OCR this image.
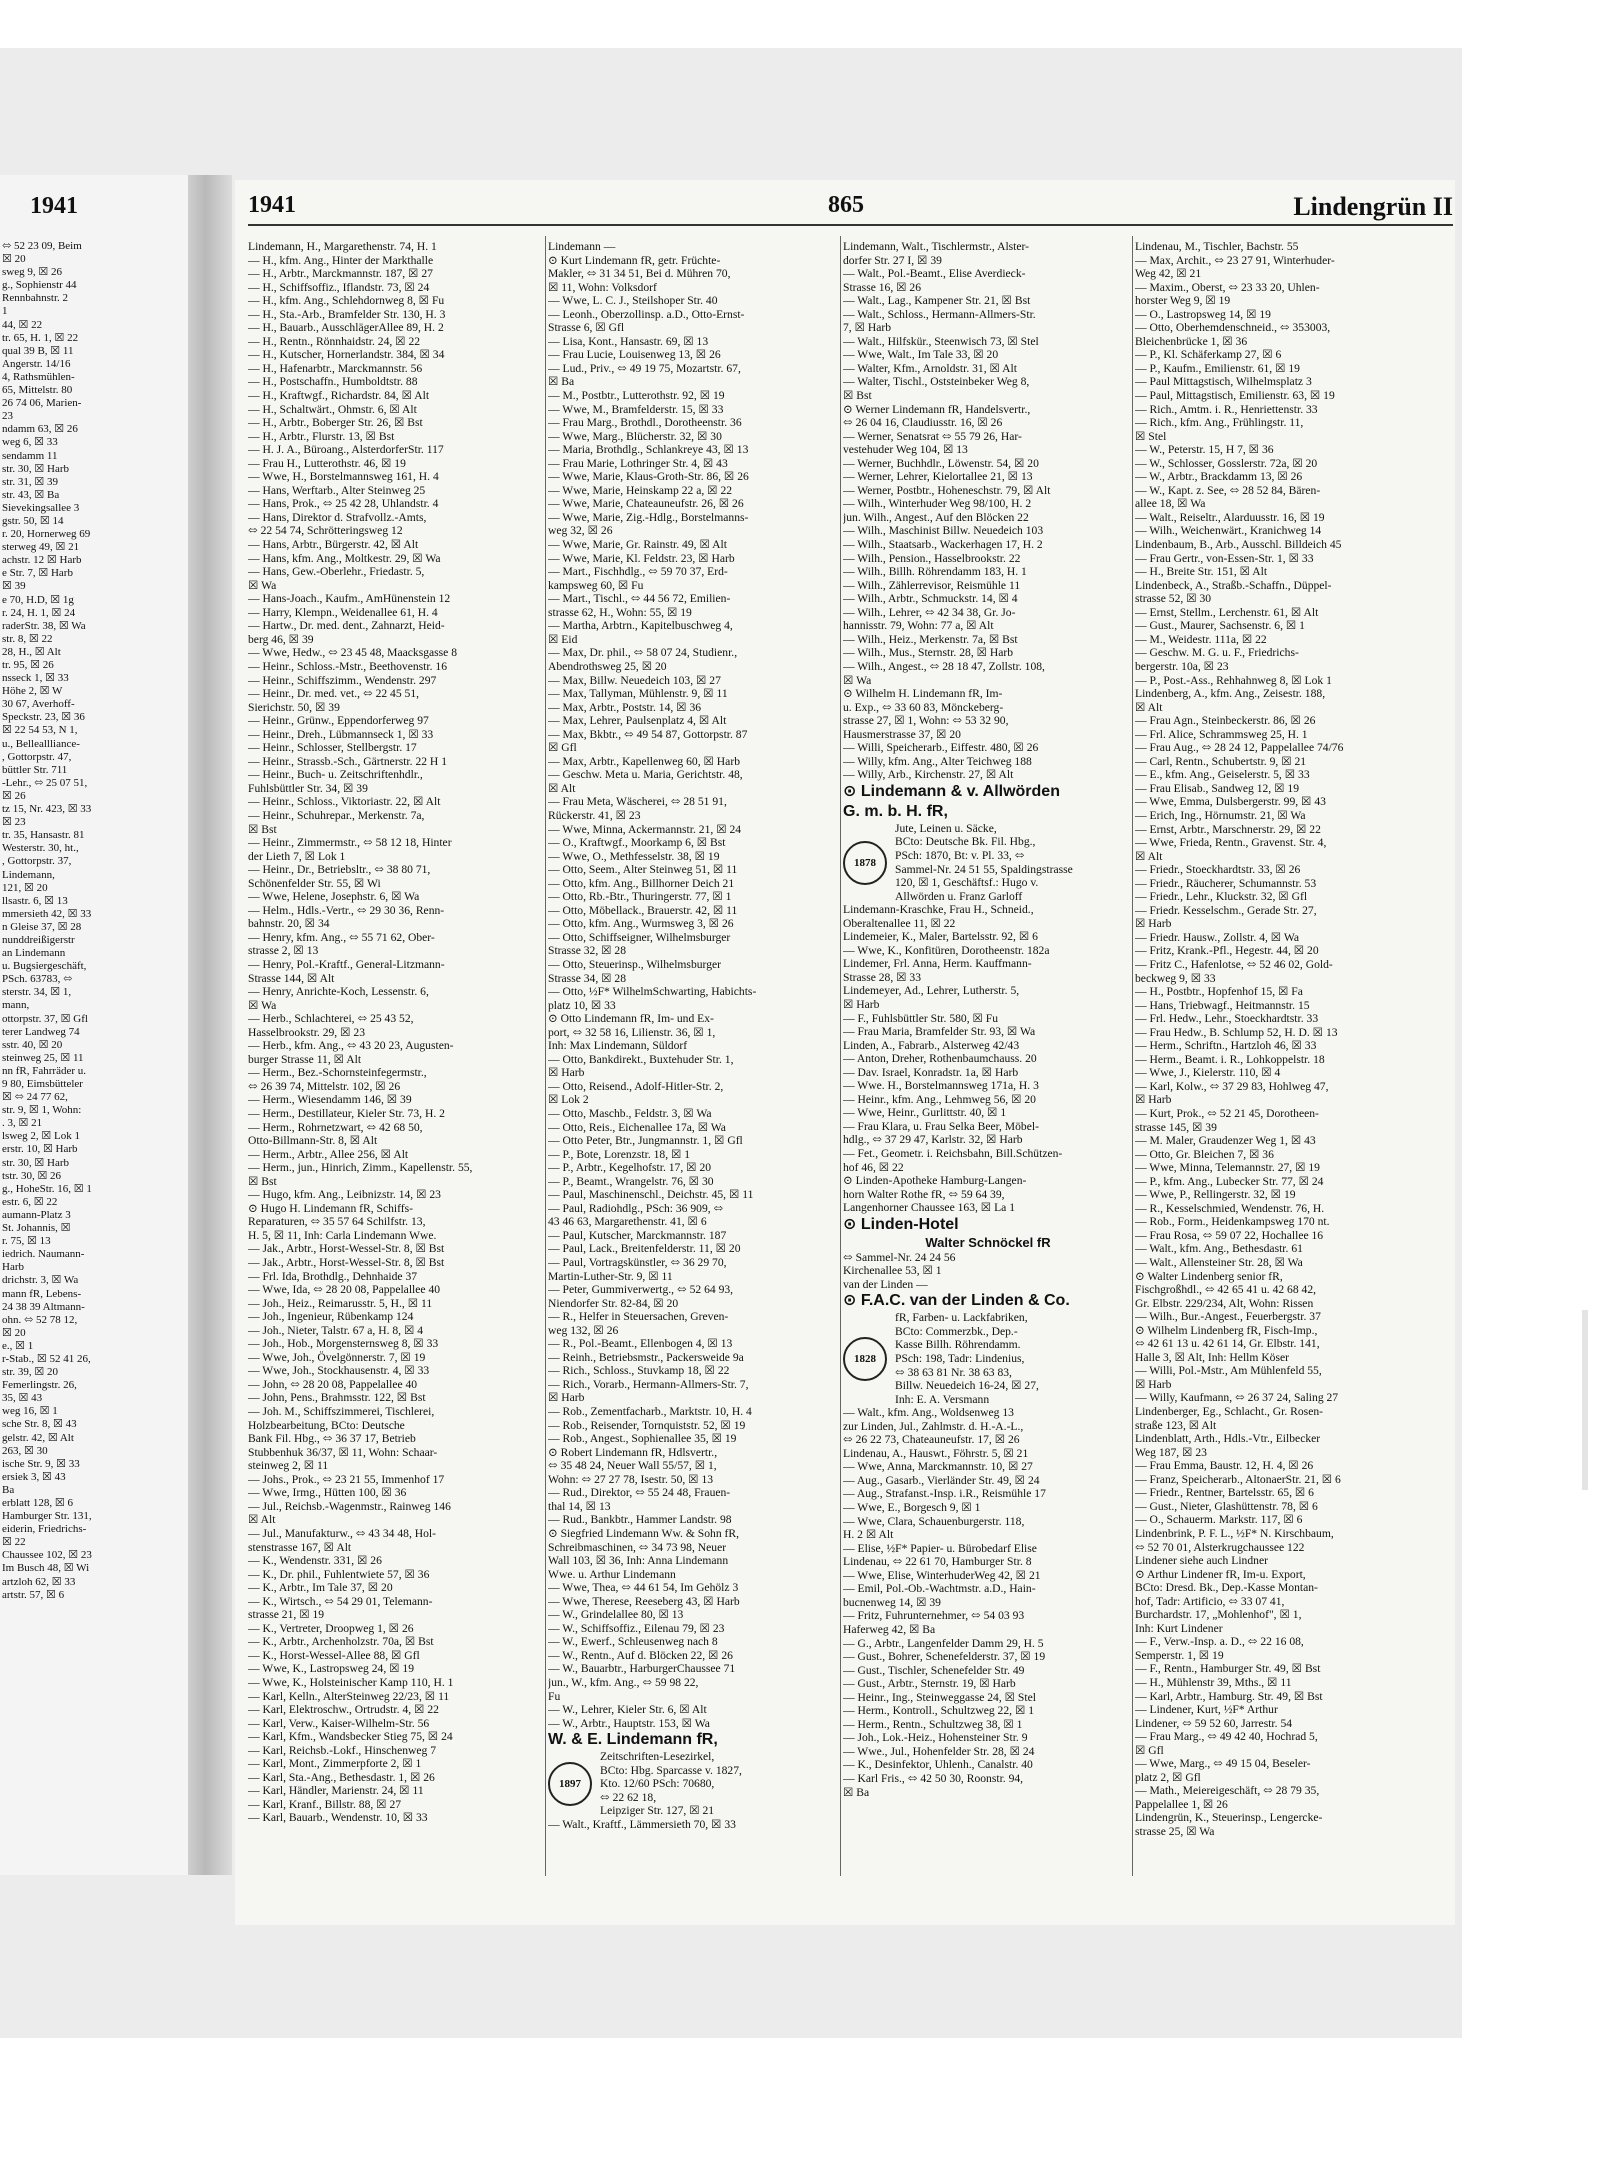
1941	1941	865	Lindengrün II
⬄ 52 23 09, Beim
☒ 20
sweg 9, ☒ 26
g., Sophienstr 44
Rennbahnstr. 2
1
44, ☒ 22
tr. 65, H. 1, ☒ 22
qual 39 B, ☒ 11
Angerstr. 14/16
4, Rathsmühlen-
65, Mittelstr. 80
26 74 06, Marien-
23
ndamm 63, ☒ 26
weg 6, ☒ 33
sendamm 11
str. 30, ☒ Harb
str. 31, ☒ 39
str. 43, ☒ Ba
Sievekingsallee 3
gstr. 50, ☒ 14
r. 20, Hornerweg 69
sterweg 49, ☒ 21
achstr. 12 ☒ Harb
e Str. 7, ☒ Harb
☒ 39
e 70, H.D, ☒ 1g
r. 24, H. 1, ☒ 24
raderStr. 38, ☒ Wa
str. 8, ☒ 22
28, H., ☒ Alt
tr. 95, ☒ 26
nsseck 1, ☒ 33
Höhe 2, ☒ W
30 67, Averhoff-
Speckstr. 23, ☒ 36
☒ 22 54 53, N 1,
u., Belleallliance-
, Gottorpstr. 47,
büttler Str. 711
-Lehr., ⬄ 25 07 51,
☒ 26
tz 15, Nr. 423, ☒ 33
☒ 23
tr. 35, Hansastr. 81
Westerstr. 30, ht.,
, Gottorpstr. 37,
Lindemann,
121, ☒ 20
llsastr. 6, ☒ 13
mmersieth 42, ☒ 33
n Gleise 37, ☒ 28
nunddreißigerstr
an Lindemann
u. Bugsiergeschäft,
PSch. 63783, ⬄
sterstr. 34, ☒ 1,
mann,
ottorpstr. 37, ☒ Gfl
terer Landweg 74
sstr. 40, ☒ 20
steinweg 25, ☒ 11
nn fR, Fahrräder u.
9 80, Eimsbütteler
☒ ⬄ 24 77 62,
str. 9, ☒ 1, Wohn:
. 3, ☒ 21
lsweg 2, ☒ Lok 1
erstr. 10, ☒ Harb
str. 30, ☒ Harb
tstr. 30, ☒ 26
g., HoheStr. 16, ☒ 1
estr. 6, ☒ 22
aumann-Platz 3
St. Johannis, ☒
r. 75, ☒ 13
iedrich. Naumann-
Harb
drichstr. 3, ☒ Wa
mann fR, Lebens-
24 38 39 Altmann-
ohn. ⬄ 52 78 12,
☒ 20
e., ☒ 1
r-Stab., ☒ 52 41 26,
str. 39, ☒ 20
Femerlingstr. 26,
35, ☒ 43
weg 16, ☒ 1
sche Str. 8, ☒ 43
gelstr. 42, ☒ Alt
263, ☒ 30
ische Str. 9, ☒ 33
ersiek 3, ☒ 43
Ba
erblatt 128, ☒ 6
Hamburger Str. 131,
eiderin, Friedrichs-
☒ 22
Chaussee 102, ☒ 23
Im Busch 48, ☒ Wi
artzloh 62, ☒ 33
artstr. 57, ☒ 6
Lindemann, H., Margarethenstr. 74, H. 1
— H., kfm. Ang., Hinter der Markthalle
— H., Arbtr., Marckmannstr. 187, ☒ 27
— H., Schiffsoffiz., Iflandstr. 73, ☒ 24
— H., kfm. Ang., Schlehdornweg 8, ☒ Fu
— H., Sta.-Arb., Bramfelder Str. 130, H. 3
— H., Bauarb., AusschlägerAllee 89, H. 2
— H., Rentn., Rönnhaidstr. 24, ☒ 22
— H., Kutscher, Hornerlandstr. 384, ☒ 34
— H., Hafenarbtr., Marckmannstr. 56
— H., Postschaffn., Humboldtstr. 88
— H., Kraftwgf., Richardstr. 84, ☒ Alt
— H., Schaltwärt., Ohmstr. 6, ☒ Alt
— H., Arbtr., Boberger Str. 26, ☒ Bst
— H., Arbtr., Flurstr. 13, ☒ Bst
— H. J. A., Büroang., AlsterdorferStr. 117
— Frau H., Lutterothstr. 46, ☒ 19
— Wwe, H., Borstelmannsweg 161, H. 4
— Hans, Werftarb., Alter Steinweg 25
— Hans, Prok., ⬄ 25 42 28, Uhlandstr. 4
— Hans, Direktor d. Strafvollz.-Amts,
⬄ 22 54 74, Schrötteringsweg 12
— Hans, Arbtr., Bürgerstr. 42, ☒ Alt
— Hans, kfm. Ang., Moltkestr. 29, ☒ Wa
— Hans, Gew.-Oberlehr., Friedastr. 5,
☒ Wa
— Hans-Joach., Kaufm., AmHünenstein 12
— Harry, Klempn., Weidenallee 61, H. 4
— Hartw., Dr. med. dent., Zahnarzt, Heid-
berg 46, ☒ 39
— Wwe, Hedw., ⬄ 23 45 48, Maacksgasse 8
— Heinr., Schloss.-Mstr., Beethovenstr. 16
— Heinr., Schiffszimm., Wendenstr. 297
— Heinr., Dr. med. vet., ⬄ 22 45 51,
Sierichstr. 50, ☒ 39
— Heinr., Grünw., Eppendorferweg 97
— Heinr., Dreh., Lübmannseck 1, ☒ 33
— Heinr., Schlosser, Stellbergstr. 17
— Heinr., Strassb.-Sch., Gärtnerstr. 22 H 1
— Heinr., Buch- u. Zeitschriftenhdlr.,
Fuhlsbüttler Str. 34, ☒ 39
— Heinr., Schloss., Viktoriastr. 22, ☒ Alt
— Heinr., Schuhrepar., Merkenstr. 7a,
☒ Bst
— Heinr., Zimmermstr., ⬄ 58 12 18, Hinter
der Lieth 7, ☒ Lok 1
— Heinr., Dr., Betriebsltr., ⬄ 38 80 71,
Schönenfelder Str. 55, ☒ Wi
— Wwe, Helene, Josephstr. 6, ☒ Wa
— Helm., Hdls.-Vertr., ⬄ 29 30 36, Renn-
bahnstr. 20, ☒ 34
— Henry, kfm. Ang., ⬄ 55 71 62, Ober-
strasse 2, ☒ 13
— Henry, Pol.-Kraftf., General-Litzmann-
Strasse 144, ☒ Alt
— Henry, Anrichte-Koch, Lessenstr. 6,
☒ Wa
— Herb., Schlachterei, ⬄ 25 43 52,
Hasselbrookstr. 29, ☒ 23
— Herb., kfm. Ang., ⬄ 43 20 23, Augusten-
burger Strasse 11, ☒ Alt
— Herm., Bez.-Schornsteinfegermstr.,
⬄ 26 39 74, Mittelstr. 102, ☒ 26
— Herm., Wiesendamm 146, ☒ 39
— Herm., Destillateur, Kieler Str. 73, H. 2
— Herm., Rohrnetzwart, ⬄ 42 68 50,
Otto-Billmann-Str. 8, ☒ Alt
— Herm., Arbtr., Allee 256, ☒ Alt
— Herm., jun., Hinrich, Zimm., Kapellenstr. 55,
☒ Bst
— Hugo, kfm. Ang., Leibnizstr. 14, ☒ 23
⊙ Hugo H. Lindemann fR, Schiffs-
Reparaturen, ⬄ 35 57 64 Schilfstr. 13,
H. 5, ☒ 11, Inh: Carla Lindemann Wwe.
— Jak., Arbtr., Horst-Wessel-Str. 8, ☒ Bst
— Jak., Arbtr., Horst-Wessel-Str. 8, ☒ Bst
— Frl. Ida, Brothdlg., Dehnhaide 37
— Wwe, Ida, ⬄ 28 20 08, Pappelallee 40
— Joh., Heiz., Reimarusstr. 5, H., ☒ 11
— Joh., Ingenieur, Rübenkamp 124
— Joh., Nieter, Talstr. 67 a, H. 8, ☒ 4
— Joh., Hob., Morgensternsweg 8, ☒ 33
— Wwe, Joh., Övelgönnerstr. 7, ☒ 19
— Wwe, Joh., Stockhausenstr. 4, ☒ 33
— John, ⬄ 28 20 08, Pappelallee 40
— John, Pens., Brahmsstr. 122, ☒ Bst
— Joh. M., Schiffszimmerei, Tischlerei,
Holzbearbeitung, BCto: Deutsche
Bank Fil. Hbg., ⬄ 36 37 17, Betrieb
Stubbenhuk 36/37, ☒ 11, Wohn: Schaar-
steinweg 2, ☒ 11
— Johs., Prok., ⬄ 23 21 55, Immenhof 17
— Wwe, Irmg., Hütten 100, ☒ 36
— Jul., Reichsb.-Wagenmstr., Rainweg 146
☒ Alt
— Jul., Manufakturw., ⬄ 43 34 48, Hol-
stenstrasse 167, ☒ Alt
— K., Wendenstr. 331, ☒ 26
— K., Dr. phil., Fuhlentwiete 57, ☒ 36
— K., Arbtr., Im Tale 37, ☒ 20
— K., Wirtsch., ⬄ 54 29 01, Telemann-
strasse 21, ☒ 19
— K., Vertreter, Droopweg 1, ☒ 26
— K., Arbtr., Archenholzstr. 70a, ☒ Bst
— K., Horst-Wessel-Allee 88, ☒ Gfl
— Wwe, K., Lastropsweg 24, ☒ 19
— Wwe, K., Holsteinischer Kamp 110, H. 1
— Karl, Kelln., AlterSteinweg 22/23, ☒ 11
— Karl, Elektroschw., Ortrudstr. 4, ☒ 22
— Karl, Verw., Kaiser-Wilhelm-Str. 56
— Karl, Kfm., Wandsbecker Stieg 75, ☒ 24
— Karl, Reichsb.-Lokf., Hinschenweg 7
— Karl, Mont., Zimmerpforte 2, ☒ 1
— Karl, Sta.-Ang., Bethesdastr. 1, ☒ 26
— Karl, Händler, Marienstr. 24, ☒ 11
— Karl, Kranf., Billstr. 88, ☒ 27
— Karl, Bauarb., Wendenstr. 10, ☒ 33
Lindemann —
⊙ Kurt Lindemann fR, getr. Früchte-
Makler, ⬄ 31 34 51, Bei d. Mühren 70,
☒ 11, Wohn: Volksdorf
— Wwe, L. C. J., Steilshoper Str. 40
— Leonh., Oberzollinsp. a.D., Otto-Ernst-
Strasse 6, ☒ Gfl
— Lisa, Kont., Hansastr. 69, ☒ 13
— Frau Lucie, Louisenweg 13, ☒ 26
— Lud., Priv., ⬄ 49 19 75, Mozartstr. 67,
☒ Ba
— M., Postbtr., Lutterothstr. 92, ☒ 19
— Wwe, M., Bramfelderstr. 15, ☒ 33
— Frau Marg., Brothdl., Dorotheenstr. 36
— Wwe, Marg., Blücherstr. 32, ☒ 30
— Maria, Brothdlg., Schlankreye 43, ☒ 13
— Frau Marie, Lothringer Str. 4, ☒ 43
— Wwe, Marie, Klaus-Groth-Str. 86, ☒ 26
— Wwe, Marie, Heinskamp 22 a, ☒ 22
— Wwe, Marie, Chateauneufstr. 26, ☒ 26
— Wwe, Marie, Zig.-Hdlg., Borstelmanns-
weg 32, ☒ 26
— Wwe, Marie, Gr. Rainstr. 49, ☒ Alt
— Wwe, Marie, Kl. Feldstr. 23, ☒ Harb
— Mart., Fischhdlg., ⬄ 59 70 37, Erd-
kampsweg 60, ☒ Fu
— Mart., Tischl., ⬄ 44 56 72, Emilien-
strasse 62, H., Wohn: 55, ☒ 19
— Martha, Arbtrn., Kapitelbuschweg 4,
☒ Eid
— Max, Dr. phil., ⬄ 58 07 24, Studienr.,
Abendrothsweg 25, ☒ 20
— Max, Billw. Neuedeich 103, ☒ 27
— Max, Tallyman, Mühlenstr. 9, ☒ 11
— Max, Arbtr., Poststr. 14, ☒ 36
— Max, Lehrer, Paulsenplatz 4, ☒ Alt
— Max, Bkbtr., ⬄ 49 54 87, Gottorpstr. 87
☒ Gfl
— Max, Arbtr., Kapellenweg 60, ☒ Harb
— Geschw. Meta u. Maria, Gerichtstr. 48,
☒ Alt
— Frau Meta, Wäscherei, ⬄ 28 51 91,
Rückerstr. 41, ☒ 23
— Wwe, Minna, Ackermannstr. 21, ☒ 24
— O., Kraftwgf., Moorkamp 6, ☒ Bst
— Wwe, O., Methfesselstr. 38, ☒ 19
— Otto, Seem., Alter Steinweg 51, ☒ 11
— Otto, kfm. Ang., Billhorner Deich 21
— Otto, Rb.-Btr., Thuringerstr. 77, ☒ 1
— Otto, Möbellack., Brauerstr. 42, ☒ 11
— Otto, kfm. Ang., Wurmsweg 3, ☒ 26
— Otto, Schiffseigner, Wilhelmsburger
Strasse 32, ☒ 28
— Otto, Steuerinsp., Wilhelmsburger
Strasse 34, ☒ 28
— Otto, ½F* WilhelmSchwarting, Habichts-
platz 10, ☒ 33
⊙ Otto Lindemann fR, Im- und Ex-
port, ⬄ 32 58 16, Lilienstr. 36, ☒ 1,
Inh: Max Lindemann, Süldorf
— Otto, Bankdirekt., Buxtehuder Str. 1,
☒ Harb
— Otto, Reisend., Adolf-Hitler-Str. 2,
☒ Lok 2
— Otto, Maschb., Feldstr. 3, ☒ Wa
— Otto, Reis., Eichenallee 17a, ☒ Wa
— Otto Peter, Btr., Jungmannstr. 1, ☒ Gfl
— P., Bote, Lorenzstr. 18, ☒ 1
— P., Arbtr., Kegelhofstr. 17, ☒ 20
— P., Beamt., Wrangelstr. 76, ☒ 30
— Paul, Maschinenschl., Deichstr. 45, ☒ 11
— Paul, Radiohdlg., PSch: 36 909, ⬄
43 46 63, Margarethenstr. 41, ☒ 6
— Paul, Kutscher, Marckmannstr. 187
— Paul, Lack., Breitenfelderstr. 11, ☒ 20
— Paul, Vortragskünstler, ⬄ 36 29 70,
Martin-Luther-Str. 9, ☒ 11
— Peter, Gummiverwertg., ⬄ 52 64 93,
Niendorfer Str. 82-84, ☒ 20
— R., Helfer in Steuersachen, Greven-
weg 132, ☒ 26
— R., Pol.-Beamt., Ellenbogen 4, ☒ 13
— Reinh., Betriebsmstr., Packersweide 9a
— Rich., Schloss., Stuvkamp 18, ☒ 22
— Rich., Vorarb., Hermann-Allmers-Str. 7,
☒ Harb
— Rob., Zementfacharb., Marktstr. 10, H. 4
— Rob., Reisender, Tornquiststr. 52, ☒ 19
— Rob., Angest., Sophienallee 35, ☒ 19
⊙ Robert Lindemann fR, Hdlsvertr.,
⬄ 35 48 24, Neuer Wall 55/57, ☒ 1,
Wohn: ⬄ 27 27 78, Isestr. 50, ☒ 13
— Rud., Direktor, ⬄ 55 24 48, Frauen-
thal 14, ☒ 13
— Rud., Bankbtr., Hammer Landstr. 98
⊙ Siegfried Lindemann Ww. & Sohn fR,
Schreibmaschinen, ⬄ 34 73 98, Neuer
Wall 103, ☒ 36, Inh: Anna Lindemann
Wwe. u. Arthur Lindemann
— Wwe, Thea, ⬄ 44 61 54, Im Gehölz 3
— Wwe, Therese, Reeseberg 43, ☒ Harb
— W., Grindelallee 80, ☒ 13
— W., Schiffsoffiz., Eilenau 79, ☒ 23
— W., Ewerf., Schleusenweg nach 8
— W., Rentn., Auf d. Blöcken 22, ☒ 26
— W., Bauarbtr., HarburgerChaussee 71
jun., W., kfm. Ang., ⬄ 59 98 22,
Fu
— W., Lehrer, Kieler Str. 6, ☒ Alt
— W., Arbtr., Hauptstr. 153, ☒ Wa
W. & E. Lindemann fR,
1897
Zeitschriften-Lesezirkel,
BCto: Hbg. Sparcasse v. 1827,
Kto. 12/60 PSch: 70680,
⬄ 22 62 18,
Leipziger Str. 127, ☒ 21
— Walt., Kraftf., Lämmersieth 70, ☒ 33
Lindemann, Walt., Tischlermstr., Alster-
dorfer Str. 27 I, ☒ 39
— Walt., Pol.-Beamt., Elise Averdieck-
Strasse 16, ☒ 26
— Walt., Lag., Kampener Str. 21, ☒ Bst
— Walt., Schloss., Hermann-Allmers-Str.
7, ☒ Harb
— Walt., Hilfskür., Steenwisch 73, ☒ Stel
— Wwe, Walt., Im Tale 33, ☒ 20
— Walter, Kfm., Arnoldstr. 31, ☒ Alt
— Walter, Tischl., Oststeinbeker Weg 8,
☒ Bst
⊙ Werner Lindemann fR, Handelsvertr.,
⬄ 26 04 16, Claudiusstr. 16, ☒ 26
— Werner, Senatsrat ⬄ 55 79 26, Har-
vestehuder Weg 104, ☒ 13
— Werner, Buchhdlr., Löwenstr. 54, ☒ 20
— Werner, Lehrer, Kielortallee 21, ☒ 13
— Werner, Postbtr., Hoheneschstr. 79, ☒ Alt
— Wilh., Winterhuder Weg 98/100, H. 2
jun. Wilh., Angest., Auf den Blöcken 22
— Wilh., Maschinist Billw. Neuedeich 103
— Wilh., Staatsarb., Wackerhagen 17, H. 2
— Wilh., Pension., Hasselbrookstr. 22
— Wilh., Billh. Röhrendamm 183, H. 1
— Wilh., Zählerrevisor, Reismühle 11
— Wilh., Arbtr., Schmuckstr. 14, ☒ 4
— Wilh., Lehrer, ⬄ 42 34 38, Gr. Jo-
hannisstr. 79, Wohn: 77 a, ☒ Alt
— Wilh., Heiz., Merkenstr. 7a, ☒ Bst
— Wilh., Mus., Sternstr. 28, ☒ Harb
— Wilh., Angest., ⬄ 28 18 47, Zollstr. 108,
☒ Wa
⊙ Wilhelm H. Lindemann fR, Im-
u. Exp., ⬄ 33 60 83, Mönckeberg-
strasse 27, ☒ 1, Wohn: ⬄ 53 32 90,
Hausmerstrasse 37, ☒ 20
— Willi, Speicherarb., Eiffestr. 480, ☒ 26
— Willy, kfm. Ang., Alter Teichweg 188
— Willy, Arb., Kirchenstr. 27, ☒ Alt
⊙ Lindemann & v. Allwörden
G. m. b. H. fR,
1878
Jute, Leinen u. Säcke,
BCto: Deutsche Bk. Fil. Hbg.,
PSch: 1870, Bt: v. Pl. 33, ⬄
Sammel-Nr. 24 51 55, Spaldingstrasse
120, ☒ 1, Geschäftsf.: Hugo v.
Allwörden u. Franz Garloff
Lindemann-Kraschke, Frau H., Schneid.,
Oberaltenallee 11, ☒ 22
Lindemeier, K., Maler, Bartelsstr. 92, ☒ 6
— Wwe, K., Konfitüren, Dorotheenstr. 182a
Lindemer, Frl. Anna, Herm. Kauffmann-
Strasse 28, ☒ 33
Lindemeyer, Ad., Lehrer, Lutherstr. 5,
☒ Harb
— F., Fuhlsbüttler Str. 580, ☒ Fu
— Frau Maria, Bramfelder Str. 93, ☒ Wa
Linden, A., Fabrarb., Alsterweg 42/43
— Anton, Dreher, Rothenbaumchauss. 20
— Dav. Israel, Konradstr. 1a, ☒ Harb
— Wwe. H., Borstelmannsweg 171a, H. 3
— Heinr., kfm. Ang., Lehmweg 56, ☒ 20
— Wwe, Heinr., Gurlittstr. 40, ☒ 1
— Frau Klara, u. Frau Selka Beer, Möbel-
hdlg., ⬄ 37 29 47, Karlstr. 32, ☒ Harb
— Fet., Geometr. i. Reichsbahn, Bill.Schützen-
hof 46, ☒ 22
⊙ Linden-Apotheke Hamburg-Langen-
horn Walter Rothe fR, ⬄ 59 64 39,
Langenhorner Chaussee 163, ☒ La 1
⊙ Linden-Hotel
Walter Schnöckel fR
⬄ Sammel-Nr. 24 24 56
Kirchenallee 53, ☒ 1
van der Linden —
⊙ F.A.C. van der Linden & Co.
1828
fR, Farben- u. Lackfabriken,
BCto: Commerzbk., Dep.-
Kasse Billh. Röhrendamm.
PSch: 198, Tadr: Lindenius,
⬄ 38 63 81 Nr. 38 63 83,
Billw. Neuedeich 16-24, ☒ 27,
Inh: E. A. Versmann
— Walt., kfm. Ang., Woldsenweg 13
zur Linden, Jul., Zahlmstr. d. H.-A.-L.,
⬄ 26 22 73, Chateauneufstr. 17, ☒ 26
Lindenau, A., Hauswt., Föhrstr. 5, ☒ 21
— Wwe, Anna, Marckmannstr. 10, ☒ 27
— Aug., Gasarb., Vierländer Str. 49, ☒ 24
— Aug., Strafanst.-Insp. i.R., Reismühle 17
— Wwe, E., Borgesch 9, ☒ 1
— Wwe, Clara, Schauenburgerstr. 118,
H. 2 ☒ Alt
— Elise, ½F* Papier- u. Bürobedarf Elise
Lindenau, ⬄ 22 61 70, Hamburger Str. 8
— Wwe, Elise, WinterhuderWeg 42, ☒ 21
— Emil, Pol.-Ob.-Wachtmstr. a.D., Hain-
bucnenweg 14, ☒ 39
— Fritz, Fuhrunternehmer, ⬄ 54 03 93
Haferweg 42, ☒ Ba
— G., Arbtr., Langenfelder Damm 29, H. 5
— Gust., Bohrer, Schenefelderstr. 37, ☒ 19
— Gust., Tischler, Schenefelder Str. 49
— Gust., Arbtr., Sternstr. 19, ☒ Harb
— Heinr., Ing., Steinweggasse 24, ☒ Stel
— Herm., Kontroll., Schultzweg 22, ☒ 1
— Herm., Rentn., Schultzweg 38, ☒ 1
— Joh., Lok.-Heiz., Hohensteiner Str. 9
— Wwe., Jul., Hohenfelder Str. 28, ☒ 24
— K., Desinfektor, Uhlenh., Canalstr. 40
— Karl Fris., ⬄ 42 50 30, Roonstr. 94,
☒ Ba
Lindenau, M., Tischler, Bachstr. 55
— Max, Archit., ⬄ 23 27 91, Winterhuder-
Weg 42, ☒ 21
— Maxim., Oberst, ⬄ 23 33 20, Uhlen-
horster Weg 9, ☒ 19
— O., Lastropsweg 14, ☒ 19
— Otto, Oberhemdenschneid., ⬄ 353003,
Bleichenbrücke 1, ☒ 36
— P., Kl. Schäferkamp 27, ☒ 6
— P., Kaufm., Emilienstr. 61, ☒ 19
— Paul Mittagstisch, Wilhelmsplatz 3
— Paul, Mittagstisch, Emilienstr. 63, ☒ 19
— Rich., Amtm. i. R., Henriettenstr. 33
— Rich., kfm. Ang., Frühlingstr. 11,
☒ Stel
— W., Peterstr. 15, H 7, ☒ 36
— W., Schlosser, Gosslerstr. 72a, ☒ 20
— W., Arbtr., Brackdamm 13, ☒ 26
— W., Kapt. z. See, ⬄ 28 52 84, Bären-
allee 18, ☒ Wa
— Walt., Reiseltr., Alarduusstr. 16, ☒ 19
— Wilh., Weichenwärt., Kranichweg 14
Lindenbaum, B., Arb., Ausschl. Billdeich 45
— Frau Gertr., von-Essen-Str. 1, ☒ 33
— H., Breite Str. 151, ☒ Alt
Lindenbeck, A., Straßb.-Schaffn., Düppel-
strasse 52, ☒ 30
— Ernst, Stellm., Lerchenstr. 61, ☒ Alt
— Gust., Maurer, Sachsenstr. 6, ☒ 1
— M., Weidestr. 111a, ☒ 22
— Geschw. M. G. u. F., Friedrichs-
bergerstr. 10a, ☒ 23
— P., Post.-Ass., Rehhahnweg 8, ☒ Lok 1
Lindenberg, A., kfm. Ang., Zeisestr. 188,
☒ Alt
— Frau Agn., Steinbeckerstr. 86, ☒ 26
— Frl. Alice, Schrammsweg 25, H. 1
— Frau Aug., ⬄ 28 24 12, Pappelallee 74/76
— Carl, Rentn., Schubertstr. 9, ☒ 21
— E., kfm. Ang., Geiselerstr. 5, ☒ 33
— Frau Elisab., Sandweg 12, ☒ 19
— Wwe, Emma, Dulsbergerstr. 99, ☒ 43
— Erich, Ing., Hörnumstr. 21, ☒ Wa
— Ernst, Arbtr., Marschnerstr. 29, ☒ 22
— Wwe, Frieda, Rentn., Gravenst. Str. 4,
☒ Alt
— Friedr., Stoeckhardtstr. 33, ☒ 26
— Friedr., Räucherer, Schumannstr. 53
— Friedr., Lehr., Kluckstr. 32, ☒ Gfl
— Friedr. Kesselschm., Gerade Str. 27,
☒ Harb
— Friedr. Hausw., Zollstr. 4, ☒ Wa
— Fritz, Krank.-Pfl., Hegestr. 44, ☒ 20
— Fritz C., Hafenlotse, ⬄ 52 46 02, Gold-
beckweg 9, ☒ 33
— H., Postbtr., Hopfenhof 15, ☒ Fa
— Hans, Triebwagf., Heitmannstr. 15
— Frl. Hedw., Lehr., Stoeckhardtstr. 33
— Frau Hedw., B. Schlump 52, H. D. ☒ 13
— Herm., Schriftn., Hartzloh 46, ☒ 33
— Herm., Beamt. i. R., Lohkoppelstr. 18
— Wwe, J., Kielerstr. 110, ☒ 4
— Karl, Kolw., ⬄ 37 29 83, Hohlweg 47,
☒ Harb
— Kurt, Prok., ⬄ 52 21 45, Dorotheen-
strasse 145, ☒ 39
— M. Maler, Graudenzer Weg 1, ☒ 43
— Otto, Gr. Bleichen 7, ☒ 36
— Wwe, Minna, Telemannstr. 27, ☒ 19
— P., kfm. Ang., Lubecker Str. 77, ☒ 24
— Wwe, P., Rellingerstr. 32, ☒ 19
— R., Kesselschmied, Wendenstr. 76, H.
— Rob., Form., Heidenkampsweg 170 nt.
— Frau Rosa, ⬄ 59 07 22, Hochallee 16
— Walt., kfm. Ang., Bethesdastr. 61
— Walt., Allensteiner Str. 28, ☒ Wa
⊙ Walter Lindenberg senior fR,
Fischgroßhdl., ⬄ 42 65 41 u. 42 68 42,
Gr. Elbstr. 229/234, Alt, Wohn: Rissen
— Wilh., Bur.-Angest., Feuerbergstr. 37
⊙ Wilhelm Lindenberg fR, Fisch-Imp.,
⬄ 42 61 13 u. 42 61 14, Gr. Elbstr. 141,
Halle 3, ☒ Alt, Inh: Hellm Köser
— Willi, Pol.-Mstr., Am Mühlenfeld 55,
☒ Harb
— Willy, Kaufmann, ⬄ 26 37 24, Saling 27
Lindenberger, Eg., Schlacht., Gr. Rosen-
straße 123, ☒ Alt
Lindenblatt, Arth., Hdls.-Vtr., Eilbecker
Weg 187, ☒ 23
— Frau Emma, Baustr. 12, H. 4, ☒ 26
— Franz, Speicherarb., AltonaerStr. 21, ☒ 6
— Friedr., Rentner, Bartelsstr. 65, ☒ 6
— Gust., Nieter, Glashüttenstr. 78, ☒ 6
— O., Schauerm. Markstr. 117, ☒ 6
Lindenbrink, P. F. L., ½F* N. Kirschbaum,
⬄ 52 70 01, Alsterkrugchaussee 122
Lindener siehe auch Lindner
⊙ Arthur Lindener fR, Im-u. Export,
BCto: Dresd. Bk., Dep.-Kasse Montan-
hof, Tadr: Artificio, ⬄ 33 07 41,
Burchardstr. 17, „Mohlenhof", ☒ 1,
Inh: Kurt Lindener
— F., Verw.-Insp. a. D., ⬄ 22 16 08,
Semperstr. 1, ☒ 19
— F., Rentn., Hamburger Str. 49, ☒ Bst
— H., Mühlenstr 39, Mths., ☒ 11
— Karl, Arbtr., Hamburg. Str. 49, ☒ Bst
— Lindener, Kurt, ½F* Arthur
Lindener, ⬄ 59 52 60, Jarrestr. 54
— Frau Marg., ⬄ 49 42 40, Hochrad 5,
☒ Gfl
— Wwe, Marg., ⬄ 49 15 04, Beseler-
platz 2, ☒ Gfl
— Math., Meiereigeschäft, ⬄ 28 79 35,
Pappelallee 1, ☒ 26
Lindengrün, K., Steuerinsp., Lengercke-
strasse 25, ☒ Wa
